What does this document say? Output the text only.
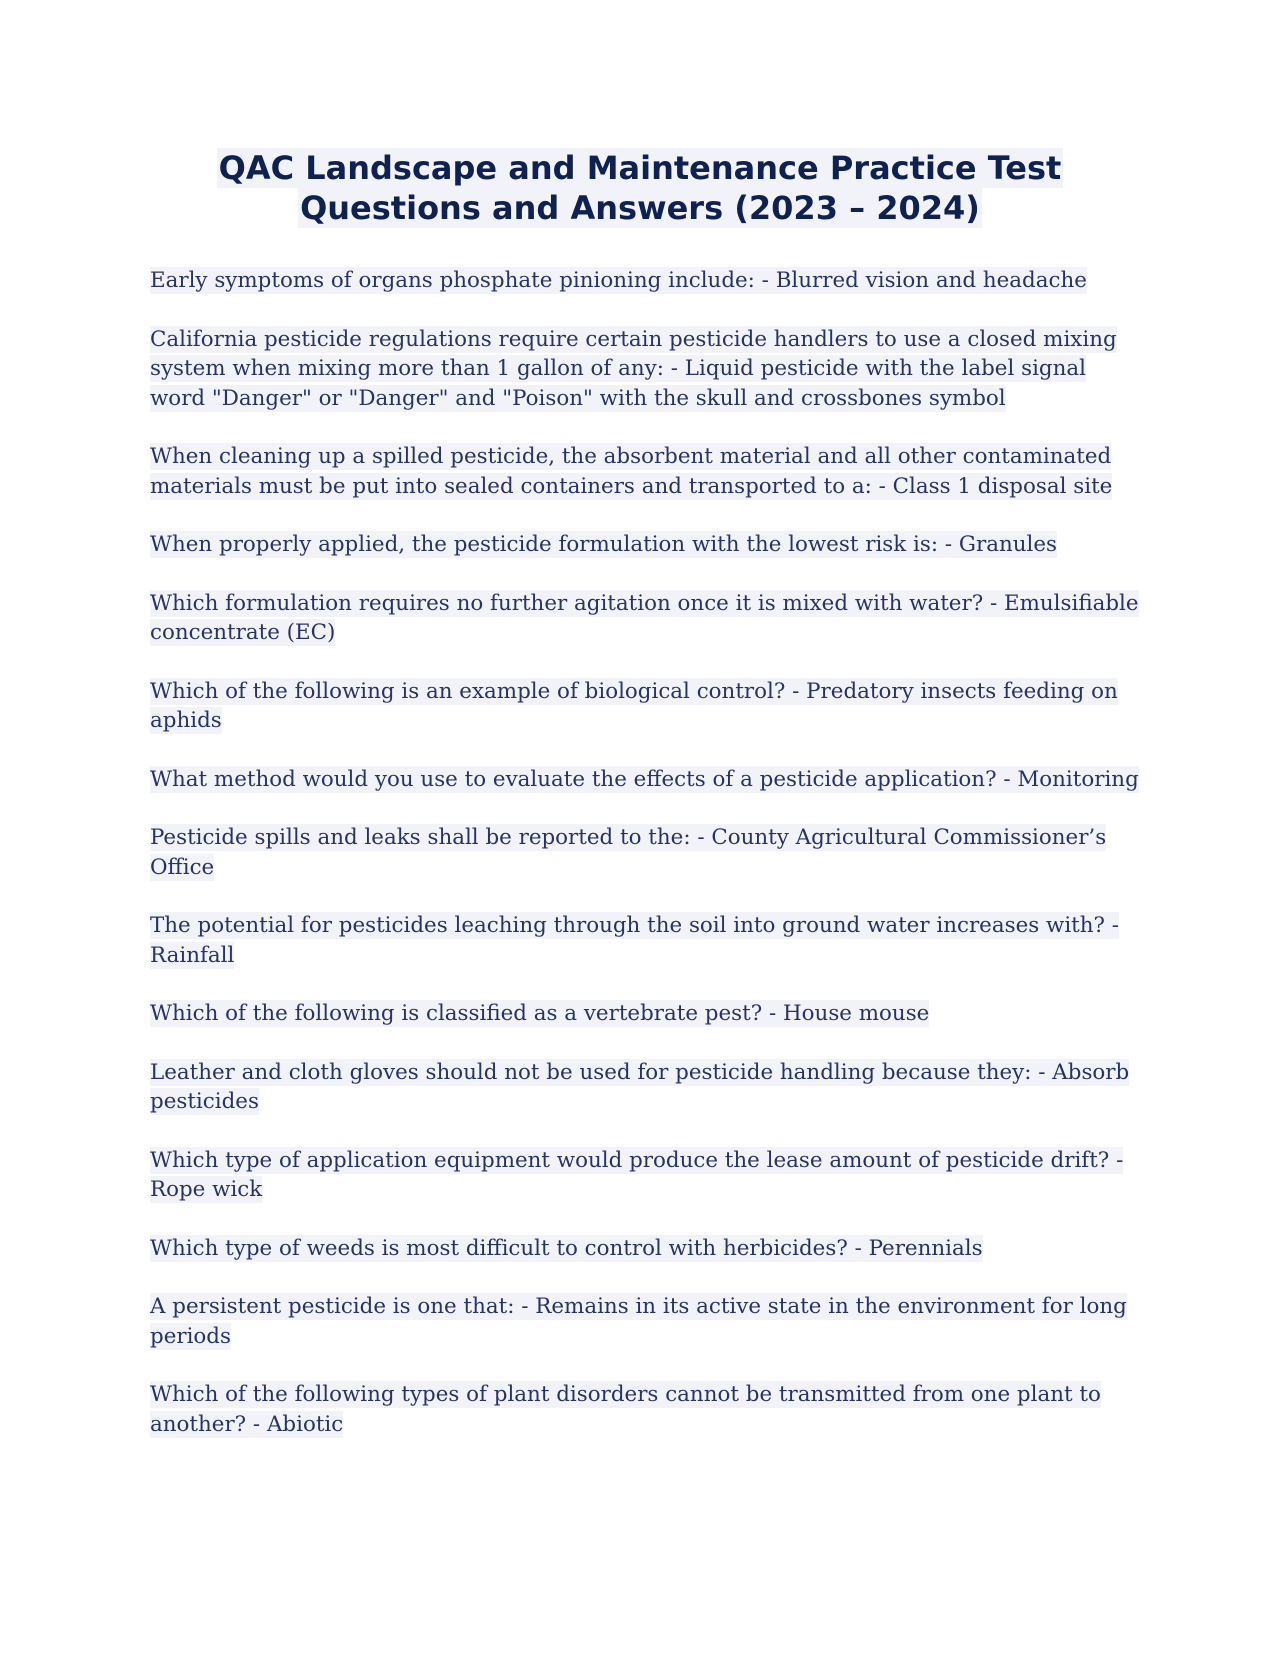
QAC Landscape and Maintenance Practice Test
Questions and Answers (2023 – 2024)

Early symptoms of organs phosphate pinioning include: - Blurred vision and headache

California pesticide regulations require certain pesticide handlers to use a closed mixing system when mixing more than 1 gallon of any: - Liquid pesticide with the label signal word "Danger" or "Danger" and "Poison" with the skull and crossbones symbol

When cleaning up a spilled pesticide, the absorbent material and all other contaminated materials must be put into sealed containers and transported to a: - Class 1 disposal site

When properly applied, the pesticide formulation with the lowest risk is: - Granules

Which formulation requires no further agitation once it is mixed with water? - Emulsifiable concentrate (EC)

Which of the following is an example of biological control? - Predatory insects feeding on aphids

What method would you use to evaluate the effects of a pesticide application? - Monitoring

Pesticide spills and leaks shall be reported to the: - County Agricultural Commissioner’s Office

The potential for pesticides leaching through the soil into ground water increases with? - Rainfall

Which of the following is classified as a vertebrate pest? - House mouse

Leather and cloth gloves should not be used for pesticide handling because they: - Absorb pesticides

Which type of application equipment would produce the lease amount of pesticide drift? - Rope wick

Which type of weeds is most difficult to control with herbicides? - Perennials

A persistent pesticide is one that: - Remains in its active state in the environment for long periods

Which of the following types of plant disorders cannot be transmitted from one plant to another? - Abiotic
